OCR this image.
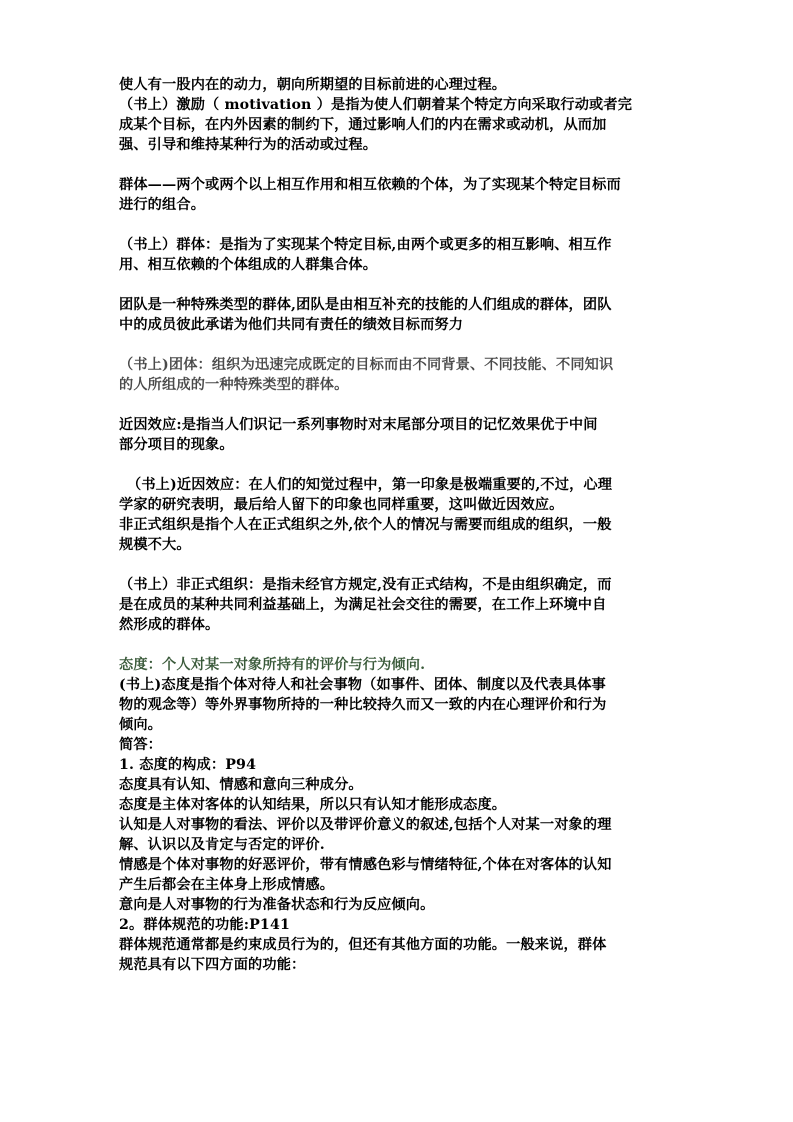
使人有一股内在的动力，朝向所期望的目标前进的心理过程。
（书上）激励（ motivation ）是指为使人们朝着某个特定方向采取行动或者完
成某个目标，在内外因素的制约下，通过影响人们的内在需求或动机，从而加
强、引导和维持某种行为的活动或过程。
群体——两个或两个以上相互作用和相互依赖的个体，为了实现某个特定目标而
进行的组合。
（书上）群体：是指为了实现某个特定目标,由两个或更多的相互影响、相互作
用、相互依赖的个体组成的人群集合体。
团队是一种特殊类型的群体,团队是由相互补充的技能的人们组成的群体，团队
中的成员彼此承诺为他们共同有责任的绩效目标而努力
（书上)团体：组织为迅速完成既定的目标而由不同背景、不同技能、不同知识
的人所组成的一种特殊类型的群体。
近因效应:是指当人们识记一系列事物时对末尾部分项目的记忆效果优于中间
部分项目的现象。
（书上)近因效应：在人们的知觉过程中，第一印象是极端重要的,不过，心理
学家的研究表明，最后给人留下的印象也同样重要，这叫做近因效应。
非正式组织是指个人在正式组织之外,依个人的情况与需要而组成的组织，一般
规模不大。
（书上）非正式组织：是指未经官方规定,没有正式结构，不是由组织确定，而
是在成员的某种共同利益基础上，为满足社会交往的需要，在工作上环境中自
然形成的群体。
态度：个人对某一对象所持有的评价与行为倾向.
(书上)态度是指个体对待人和社会事物（如事件、团体、制度以及代表具体事
物的观念等）等外界事物所持的一种比较持久而又一致的内在心理评价和行为
倾向。
简答：
1. 态度的构成：P94
态度具有认知、情感和意向三种成分。
态度是主体对客体的认知结果，所以只有认知才能形成态度。
认知是人对事物的看法、评价以及带评价意义的叙述,包括个人对某一对象的理
解、认识以及肯定与否定的评价.
情感是个体对事物的好恶评价，带有情感色彩与情绪特征,个体在对客体的认知
产生后都会在主体身上形成情感。
意向是人对事物的行为准备状态和行为反应倾向。
2。群体规范的功能:P141
群体规范通常都是约束成员行为的，但还有其他方面的功能。一般来说，群体
规范具有以下四方面的功能：
